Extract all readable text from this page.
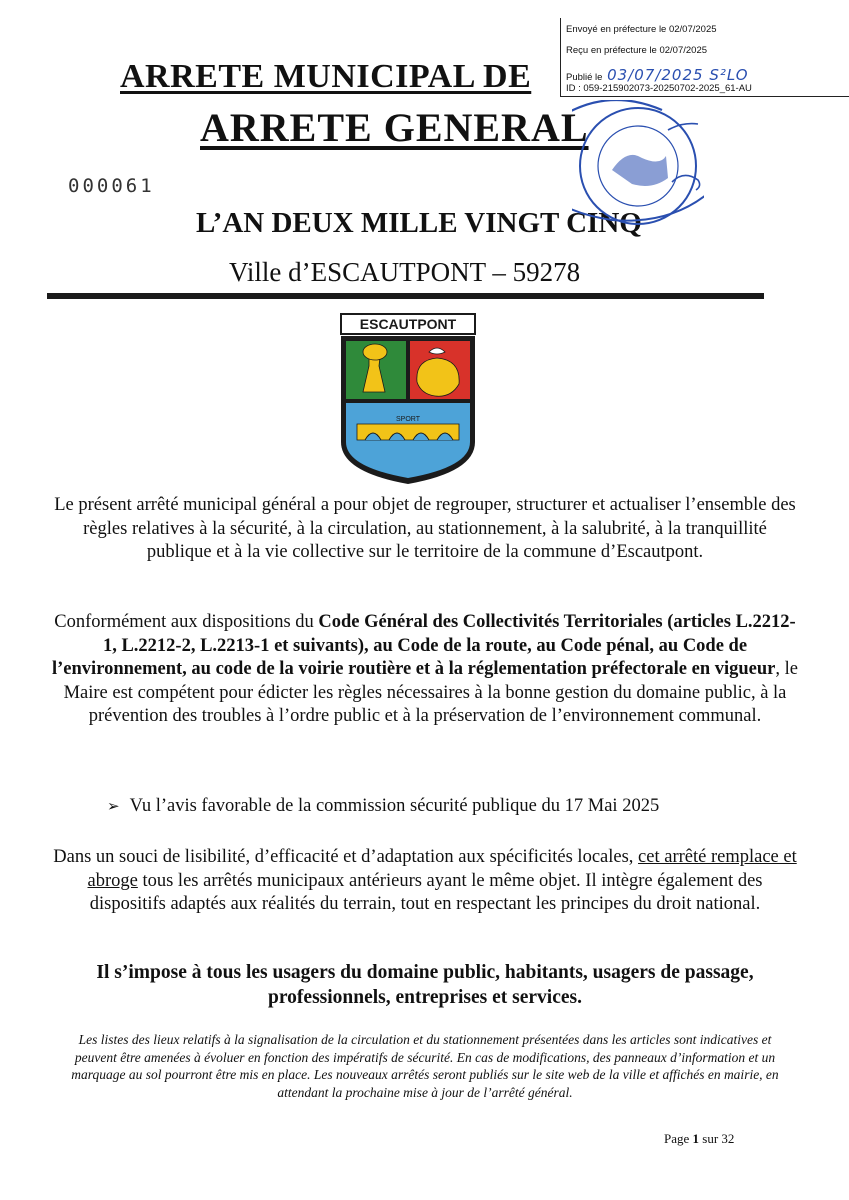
Envoyé en préfecture le 02/07/2025
Reçu en préfecture le 02/07/2025
Publié le 03/07/2025 S²LO
ID : 059-215902073-20250702-2025_61-AU
ARRETE MUNICIPAL DE
ARRETE GENERAL
000061
L’AN DEUX MILLE VINGT CINQ
Ville d’ESCAUTPONT – 59278
ESCAUTPONT
SPORT
Le présent arrêté municipal général a pour objet de regrouper, structurer et actualiser l’ensemble des règles relatives à la sécurité, à la circulation, au stationnement, à la salubrité, à la tranquillité publique et à la vie collective sur le territoire de la commune d’Escautpont.
Conformément aux dispositions du Code Général des Collectivités Territoriales (articles L.2212-1, L.2212-2, L.2213-1 et suivants), au Code de la route, au Code pénal, au Code de l’environnement, au code de la voirie routière et à la réglementation préfectorale en vigueur, le Maire est compétent pour édicter les règles nécessaires à la bonne gestion du domaine public, à la prévention des troubles à l’ordre public et à la préservation de l’environnement communal.
➢ Vu l’avis favorable de la commission sécurité publique du 17 Mai 2025
Dans un souci de lisibilité, d’efficacité et d’adaptation aux spécificités locales, cet arrêté remplace et abroge tous les arrêtés municipaux antérieurs ayant le même objet. Il intègre également des dispositifs adaptés aux réalités du terrain, tout en respectant les principes du droit national.
Il s’impose à tous les usagers du domaine public, habitants, usagers de passage, professionnels, entreprises et services.
Les listes des lieux relatifs à la signalisation de la circulation et du stationnement présentées dans les articles sont indicatives et peuvent être amenées à évoluer en fonction des impératifs de sécurité. En cas de modifications, des panneaux d’information et un marquage au sol pourront être mis en place. Les nouveaux arrêtés seront publiés sur le site web de la ville et affichés en mairie, en attendant la prochaine mise à jour de l’arrêté général.
Page 1 sur 32
